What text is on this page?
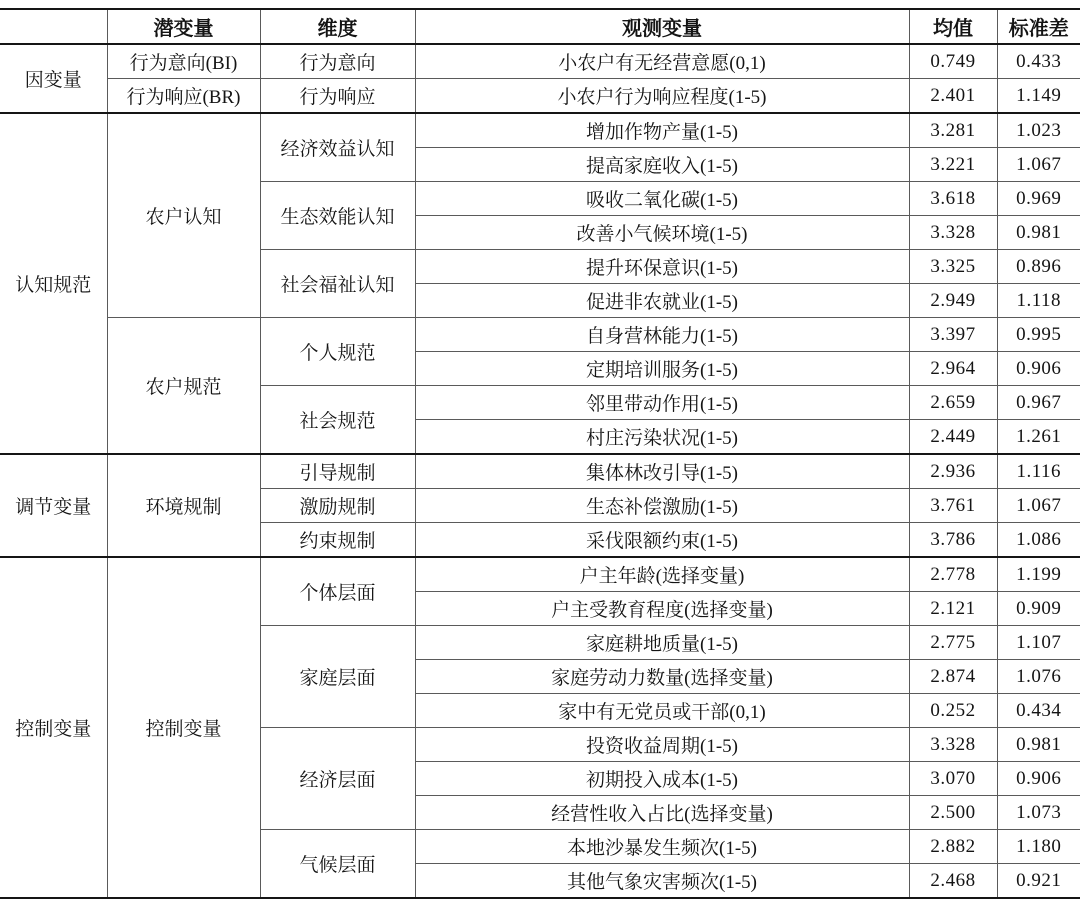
	潜变量	维度	观测变量	均值	标准差
因变量	行为意向(BI)	行为意向	小农户有无经营意愿(0,1)	0.749	0.433
	行为响应(BR)	行为响应	小农户行为响应程度(1-5)	2.401	1.149
认知规范	农户认知	经济效益认知	增加作物产量(1-5)	3.281	1.023
			提高家庭收入(1-5)	3.221	1.067
		生态效能认知	吸收二氧化碳(1-5)	3.618	0.969
			改善小气候环境(1-5)	3.328	0.981
		社会福祉认知	提升环保意识(1-5)	3.325	0.896
			促进非农就业(1-5)	2.949	1.118
	农户规范	个人规范	自身营林能力(1-5)	3.397	0.995
			定期培训服务(1-5)	2.964	0.906
		社会规范	邻里带动作用(1-5)	2.659	0.967
			村庄污染状况(1-5)	2.449	1.261
调节变量	环境规制	引导规制	集体林改引导(1-5)	2.936	1.116
		激励规制	生态补偿激励(1-5)	3.761	1.067
		约束规制	采伐限额约束(1-5)	3.786	1.086
控制变量	控制变量	个体层面	户主年龄(选择变量)	2.778	1.199
			户主受教育程度(选择变量)	2.121	0.909
		家庭层面	家庭耕地质量(1-5)	2.775	1.107
			家庭劳动力数量(选择变量)	2.874	1.076
			家中有无党员或干部(0,1)	0.252	0.434
		经济层面	投资收益周期(1-5)	3.328	0.981
			初期投入成本(1-5)	3.070	0.906
			经营性收入占比(选择变量)	2.500	1.073
		气候层面	本地沙暴发生频次(1-5)	2.882	1.180
			其他气象灾害频次(1-5)	2.468	0.921
